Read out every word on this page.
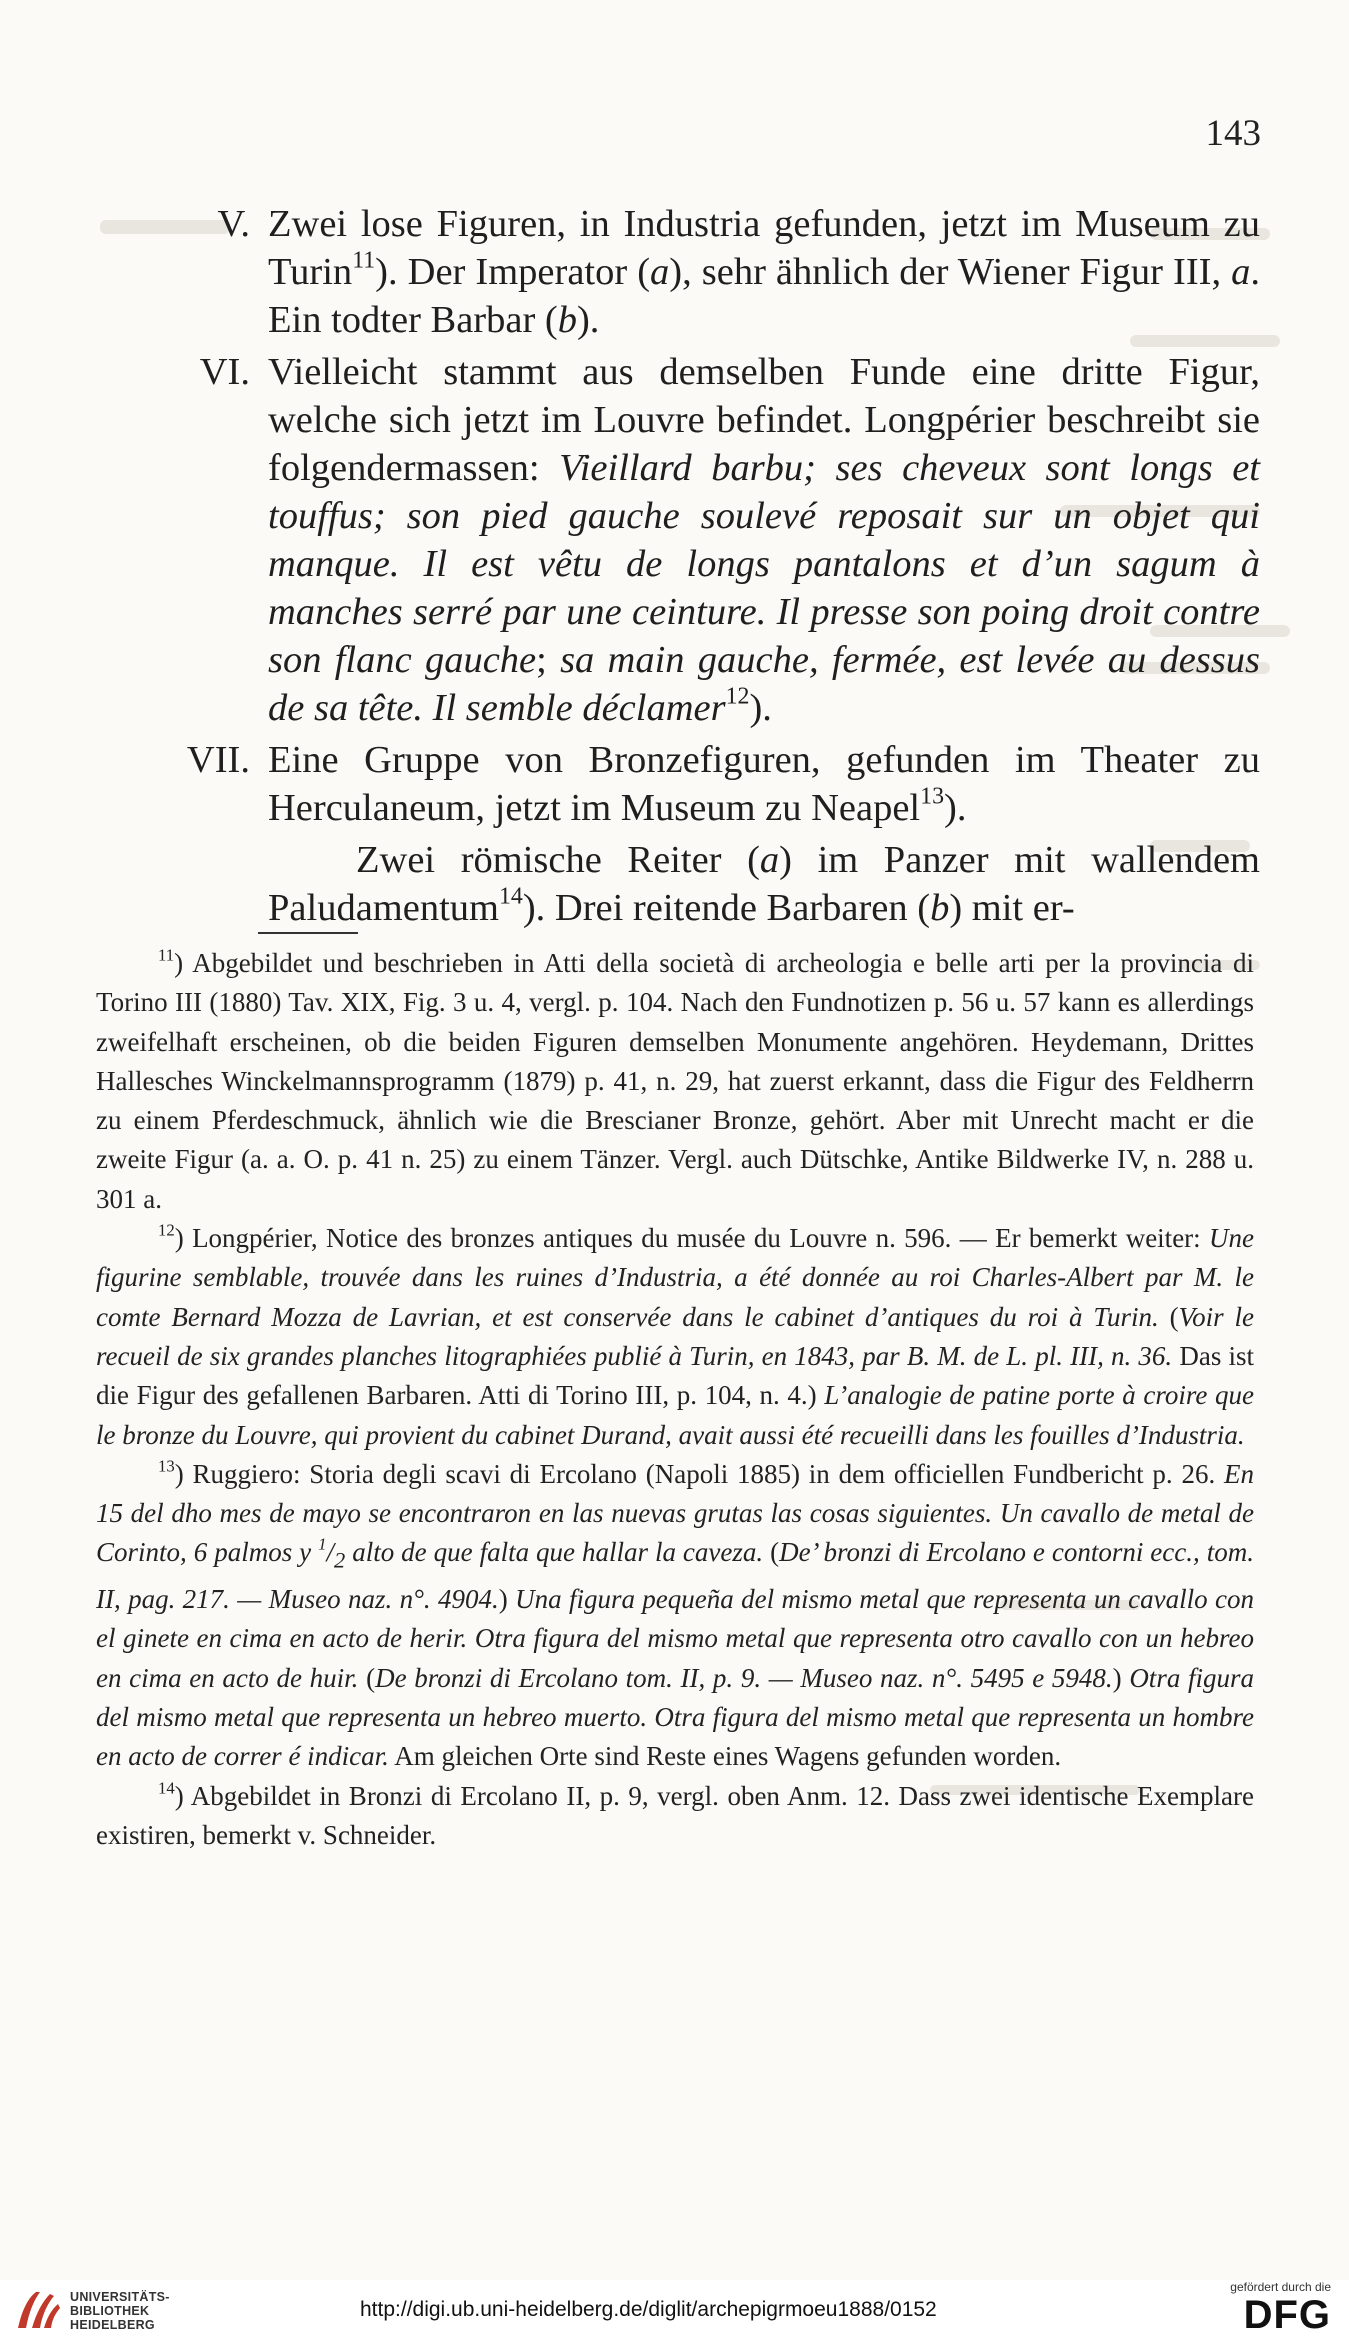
143
V. Zwei lose Figuren, in Industria gefunden, jetzt im Museum zu Turin$^{11}$). Der Imperator (a), sehr ähnlich der Wiener Figur III, a. Ein todter Barbar (b).
VI. Vielleicht stammt aus demselben Funde eine dritte Figur, welche sich jetzt im Louvre befindet. Longpérier beschreibt sie folgendermassen: Vieillard barbu; ses cheveux sont longs et touffus; son pied gauche soulevé reposait sur un objet qui manque. Il est vêtu de longs pantalons et d’un sagum à manches serré par une ceinture. Il presse son poing droit contre son flanc gauche; sa main gauche, fermée, est levée au dessus de sa tête. Il semble déclamer$^{12}$).
VII. Eine Gruppe von Bronzefiguren, gefunden im Theater zu Herculaneum, jetzt im Museum zu Neapel$^{13}$).
Zwei römische Reiter (a) im Panzer mit wallendem Paludamentum$^{14}$). Drei reitende Barbaren (b) mit er-

$^{11}$) Abgebildet und beschrieben in Atti della società di archeologia e belle arti per la provincia di Torino III (1880) Tav. XIX, Fig. 3 u. 4, vergl. p. 104. Nach den Fundnotizen p. 56 u. 57 kann es allerdings zweifelhaft erscheinen, ob die beiden Figuren demselben Monumente angehören. Heydemann, Drittes Hallesches Winckelmannsprogramm (1879) p. 41, n. 29, hat zuerst erkannt, dass die Figur des Feldherrn zu einem Pferdeschmuck, ähnlich wie die Brescianer Bronze, gehört. Aber mit Unrecht macht er die zweite Figur (a. a. O. p. 41 n. 25) zu einem Tänzer. Vergl. auch Dütschke, Antike Bildwerke IV, n. 288 u. 301 a.

$^{12}$) Longpérier, Notice des bronzes antiques du musée du Louvre n. 596. — Er bemerkt weiter: Une figurine semblable, trouvée dans les ruines d’Industria, a été donnée au roi Charles-Albert par M. le comte Bernard Mozza de Lavrian, et est conservée dans le cabinet d’antiques du roi à Turin. (Voir le recueil de six grandes planches litographiées publié à Turin, en 1843, par B. M. de L. pl. III, n. 36. Das ist die Figur des gefallenen Barbaren. Atti di Torino III, p. 104, n. 4.) L’analogie de patine porte à croire que le bronze du Louvre, qui provient du cabinet Durand, avait aussi été recueilli dans les fouilles d’Industria.

$^{13}$) Ruggiero: Storia degli scavi di Ercolano (Napoli 1885) in dem officiellen Fundbericht p. 26. En 15 del dho mes de mayo se encontraron en las nuevas grutas las cosas siguientes. Un cavallo de metal de Corinto, 6 palmos y $^1/_2$ alto de que falta que hallar la caveza. (De’ bronzi di Ercolano e contorni ecc., tom. II, pag. 217. — Museo naz. n°. 4904.) Una figura pequeña del mismo metal que representa un cavallo con el ginete en cima en acto de herir. Otra figura del mismo metal que representa otro cavallo con un hebreo en cima en acto de huir. (De bronzi di Ercolano tom. II, p. 9. — Museo naz. n°. 5495 e 5948.) Otra figura del mismo metal que representa un hebreo muerto. Otra figura del mismo metal que representa un hombre en acto de correr é indicar. Am gleichen Orte sind Reste eines Wagens gefunden worden.

$^{14}$) Abgebildet in Bronzi di Ercolano II, p. 9, vergl. oben Anm. 12. Dass zwei identische Exemplare existiren, bemerkt v. Schneider.

UNIVERSITÄTS-
BIBLIOTHEK
HEIDELBERG
http://digi.ub.uni-heidelberg.de/diglit/archepigrmoeu1888/0152
gefördert durch die
DFG
